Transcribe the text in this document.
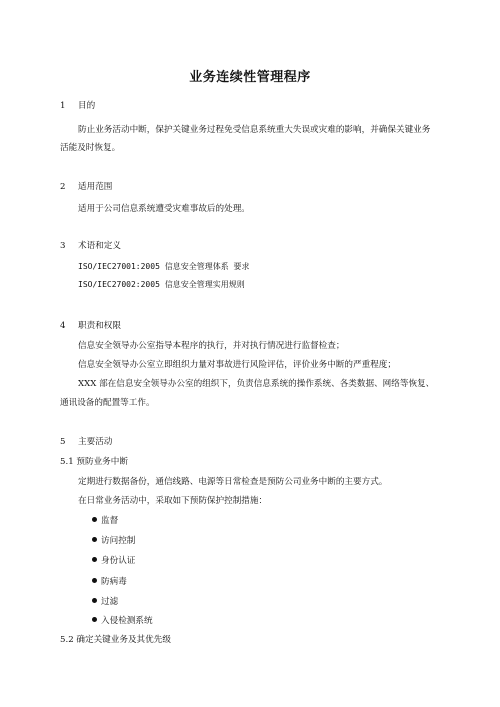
业务连续性管理程序
1 目的
防止业务活动中断，保护关键业务过程免受信息系统重大失误或灾难的影响，并确保关键业务
活能及时恢复。
2 适用范围
适用于公司信息系统遭受灾难事故后的处理。
3 术语和定义
ISO/IEC27001:2005 信息安全管理体系 要求
ISO/IEC27002:2005 信息安全管理实用规则
4 职责和权限
信息安全领导办公室指导本程序的执行，并对执行情况进行监督检查；
信息安全领导办公室立即组织力量对事故进行风险评估，评价业务中断的严重程度；
XXX 部在信息安全领导办公室的组织下，负责信息系统的操作系统、各类数据、网络等恢复、
通讯设备的配置等工作。
5 主要活动
5.1 预防业务中断
定期进行数据备份，通信线路、电源等日常检查是预防公司业务中断的主要方式。
在日常业务活动中，采取如下预防保护控制措施：
监督
访问控制
身份认证
防病毒
过滤
入侵检测系统
5.2 确定关键业务及其优先级
